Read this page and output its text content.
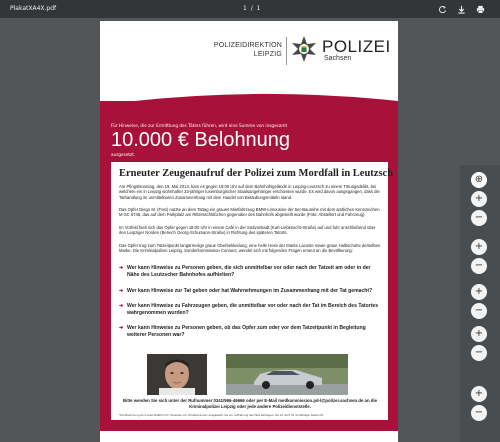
PlakatXA4X.pdf	1 / 1
POLIZEIDIREKTION
LEIPZIG POLIZEI
Sachsen
Für Hinweise, die zur Ermittlung des Täters führen, wird eine Summe von insgesamt
10.000 € Belohnung
ausgesetzt.
Erneuter Zeugenaufruf der Polizei zum Mordfall in Leutzsch
Am Pfingstsonntag, den 19. Mai 2013, kam es gegen 19:00 Uhr auf dem Bahnhofsgelände in Leipzig-Leutzsch zu einem Tötungsdelikt, bei welchem ein in Leipzig wohnhafter 23-jähriger luxemburgischer Staatsangehöriger erschossen wurde. Es wird davon ausgegangen, dass die Tathandlung im unmittelbaren Zusammenhang mit dem Handel von Betäubungsmitteln stand.
Das Opfer Diego M. (Foto) nutzte an dem Tattag ein graues Mietfahrzeug BMW-Limousine der 5er-Baureihe mit dem amtlichen Kennzeichen M-SC 6745, das auf dem Parkplatz am Rittersschlößchen gegenüber des Bahnhofs abgestellt wurde (Foto: Abstellort und Fahrzeug).
Im Vorfeld hielt sich das Opfer gegen 18:00 Uhr in einem Café in der Südvorstadt (Karl-Liebknecht-Straße) auf und fuhr anschließend über den Leipziger Norden (Bereich Georg-Schumann-Straße) in Richtung des späteren Tatorts.
Das Opfer trug zum Tatzeitpunkt langärmelige graue Oberbekleidung, eine helle Hose der Marke Lacoste sowie graue Halbschuhe derselben Marke. Die Kriminalpolizei Leipzig, Sonderkommission Connect, wendet sich mit folgenden Fragen erneut an die Bevölkerung:
➔ Wer kann Hinweise zu Personen geben, die sich unmittelbar vor oder nach der Tatzeit am oder in der Nähe des Leutzscher Bahnhofes aufhielten?
➔ Wer kann Hinweise zur Tat geben oder hat Wahrnehmungen im Zusammenhang mit der Tat gemacht?
➔ Wer kann Hinweise zu Fahrzeugen geben, die unmittelbar vor oder nach der Tat im Bereich des Tatortes wahrgenommen wurden?
➔ Wer kann Hinweise zu Personen geben, ob das Opfer zum oder vor dem Tatzeitpunkt in Begleitung weiterer Personen war?
Bitte wenden Sie sich unter der Rufnummer 0341/966-46666 oder per E-Mail medkommission.pd-l@polizei.sachsen.de an die Kriminalpolizei Leipzig oder jede andere Polizeidienststelle.
*Die Belohnung wird ausschließlich für Hinweise von Privatpersonen ausgesetzt, die zur Aufklärung des Falls beitragen. Sie ist nicht für Amtsträger bestimmt.
⊕
+
−
+
−
+
−
+
−
+
−
